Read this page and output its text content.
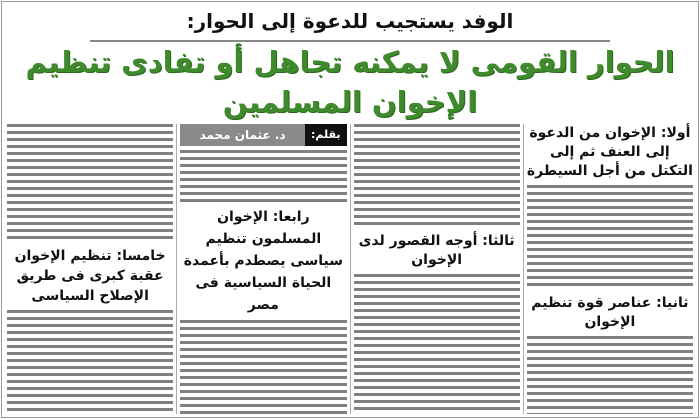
الوفد يستجيب للدعوة إلى الحوار:
الحوار القومى لا يمكنه تجاهل أو تفادى تنظيم الإخوان المسلمين
أولا: الإخوان من الدعوة إلى العنف ثم إلى التكتل من أجل السيطرة
ثانيا: عناصر قوة تنظيم الإخوان
ثالثا: أوجه القصور لدى الإخوان
بقلم:
د. عثمان محمد
رابعا: الإخوان المسلمون تنظيم سياسى يصطدم بأعمدة الحياة السياسية فى مصر
خامسا: تنظيم الإخوان عقبة كبرى فى طريق الإصلاح السياسى
